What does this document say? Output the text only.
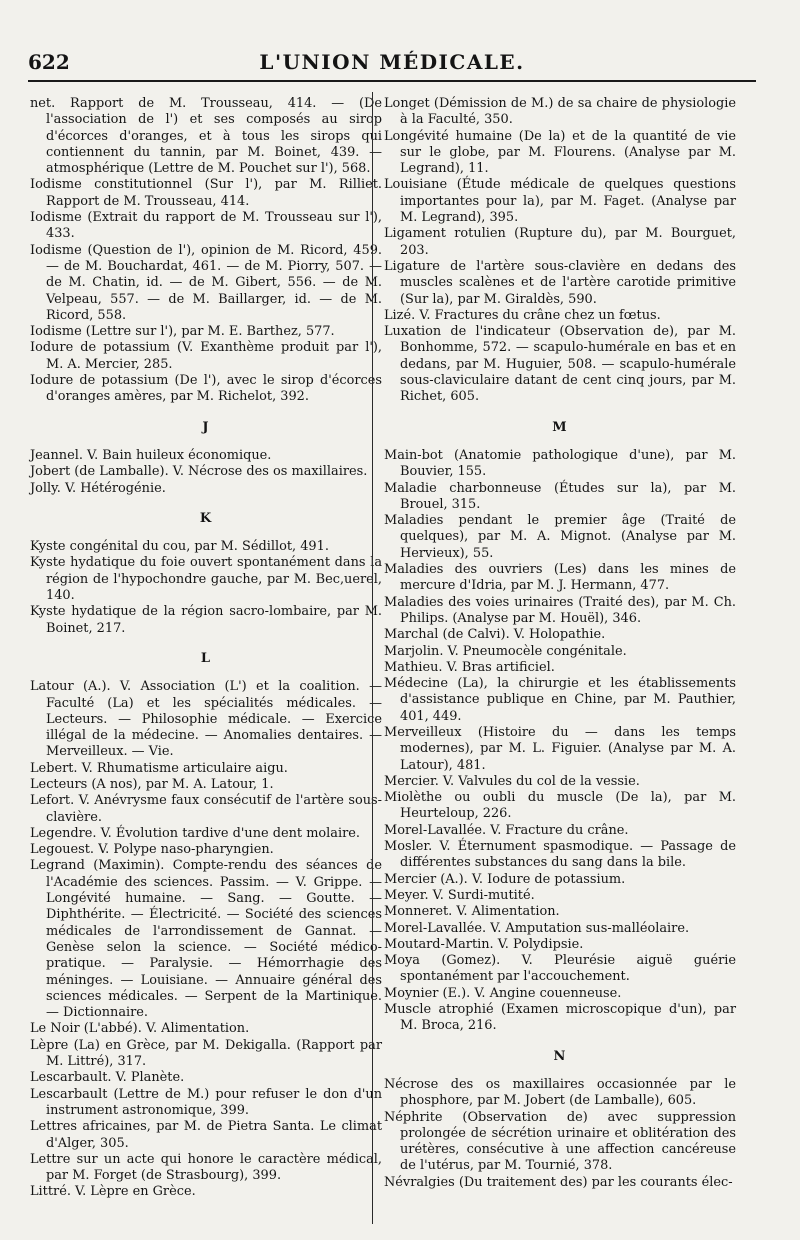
622	L'UNION MÉDICALE.

net. Rapport de M. Trousseau, 414. — (De l'association de l') et ses composés au sirop d'écorces d'oranges, et à tous les sirops qui contiennent du tannin, par M. Boinet, 439. — atmosphérique (Lettre de M. Pouchet sur l'), 568.

Iodisme constitutionnel (Sur l'), par M. Rilliet. Rapport de M. Trousseau, 414.

Iodisme (Extrait du rapport de M. Trousseau sur l'), 433.

Iodisme (Question de l'), opinion de M. Ricord, 459. — de M. Bouchardat, 461. — de M. Piorry, 507. — de M. Chatin, id. — de M. Gibert, 556. — de M. Velpeau, 557. — de M. Baillarger, id. — de M. Ricord, 558.

Iodisme (Lettre sur l'), par M. E. Barthez, 577.

Iodure de potassium (V. Exanthème produit par l'), M. A. Mercier, 285.

Iodure de potassium (De l'), avec le sirop d'écorces d'oranges amères, par M. Richelot, 392.

J

Jeannel. V. Bain huileux économique.

Jobert (de Lamballe). V. Nécrose des os maxillaires.

Jolly. V. Hétérogénie.

K

Kyste congénital du cou, par M. Sédillot, 491.

Kyste hydatique du foie ouvert spontanément dans la région de l'hypochondre gauche, par M. Bec,uerel, 140.

Kyste hydatique de la région sacro-lombaire, par M. Boinet, 217.

L

Latour (A.). V. Association (L') et la coalition. — Faculté (La) et les spécialités médicales. — Lecteurs. — Philosophie médicale. — Exercice illégal de la médecine. — Anomalies dentaires. — Merveilleux. — Vie.

Lebert. V. Rhumatisme articulaire aigu.

Lecteurs (A nos), par M. A. Latour, 1.

Lefort. V. Anévrysme faux consécutif de l'artère sous-clavière.

Legendre. V. Évolution tardive d'une dent molaire.

Legouest. V. Polype naso-pharyngien.

Legrand (Maximin). Compte-rendu des séances de l'Académie des sciences. Passim. — V. Grippe. — Longévité humaine. — Sang. — Goutte. — Diphthérite. — Électricité. — Société des sciences médicales de l'arrondissement de Gannat. — Genèse selon la science. — Société médico-pratique. — Paralysie. — Hémorrhagie des méninges. — Louisiane. — Annuaire général des sciences médicales. — Serpent de la Martinique. — Dictionnaire.

Le Noir (L'abbé). V. Alimentation.

Lèpre (La) en Grèce, par M. Dekigalla. (Rapport par M. Littré), 317.

Lescarbault. V. Planète.

Lescarbault (Lettre de M.) pour refuser le don d'un instrument astronomique, 399.

Lettres africaines, par M. de Pietra Santa. Le climat d'Alger, 305.

Lettre sur un acte qui honore le caractère médical, par M. Forget (de Strasbourg), 399.

Littré. V. Lèpre en Grèce.

Longet (Démission de M.) de sa chaire de physiologie à la Faculté, 350.

Longévité humaine (De la) et de la quantité de vie sur le globe, par M. Flourens. (Analyse par M. Legrand), 11.

Louisiane (Étude médicale de quelques questions importantes pour la), par M. Faget. (Analyse par M. Legrand), 395.

Ligament rotulien (Rupture du), par M. Bourguet, 203.

Ligature de l'artère sous-clavière en dedans des muscles scalènes et de l'artère carotide primitive (Sur la), par M. Giraldès, 590.

Lizé. V. Fractures du crâne chez un fœtus.

Luxation de l'indicateur (Observation de), par M. Bonhomme, 572. — scapulo-humérale en bas et en dedans, par M. Huguier, 508. — scapulo-humérale sous-claviculaire datant de cent cinq jours, par M. Richet, 605.

M

Main-bot (Anatomie pathologique d'une), par M. Bouvier, 155.

Maladie charbonneuse (Études sur la), par M. Brouel, 315.

Maladies pendant le premier âge (Traité de quelques), par M. A. Mignot. (Analyse par M. Hervieux), 55.

Maladies des ouvriers (Les) dans les mines de mercure d'Idria, par M. J. Hermann, 477.

Maladies des voies urinaires (Traité des), par M. Ch. Philips. (Analyse par M. Houël), 346.

Marchal (de Calvi). V. Holopathie.

Marjolin. V. Pneumocèle congénitale.

Mathieu. V. Bras artificiel.

Médecine (La), la chirurgie et les établissements d'assistance publique en Chine, par M. Pauthier, 401, 449.

Merveilleux (Histoire du — dans les temps modernes), par M. L. Figuier. (Analyse par M. A. Latour), 481.

Mercier. V. Valvules du col de la vessie.

Miolèthe ou oubli du muscle (De la), par M. Heurteloup, 226.

Morel-Lavallée. V. Fracture du crâne.

Mosler. V. Éternument spasmodique. — Passage de différentes substances du sang dans la bile.

Mercier (A.). V. Iodure de potassium.

Meyer. V. Surdi-mutité.

Monneret. V. Alimentation.

Morel-Lavallée. V. Amputation sus-malléolaire.

Moutard-Martin. V. Polydipsie.

Moya (Gomez). V. Pleurésie aiguë guérie spontanément par l'accouchement.

Moynier (E.). V. Angine couenneuse.

Muscle atrophié (Examen microscopique d'un), par M. Broca, 216.

N

Nécrose des os maxillaires occasionnée par le phosphore, par M. Jobert (de Lamballe), 605.

Néphrite (Observation de) avec suppression prolongée de sécrétion urinaire et oblitération des urétères, consécutive à une affection cancéreuse de l'utérus, par M. Tournié, 378.

Névralgies (Du traitement des) par les courants élec-
